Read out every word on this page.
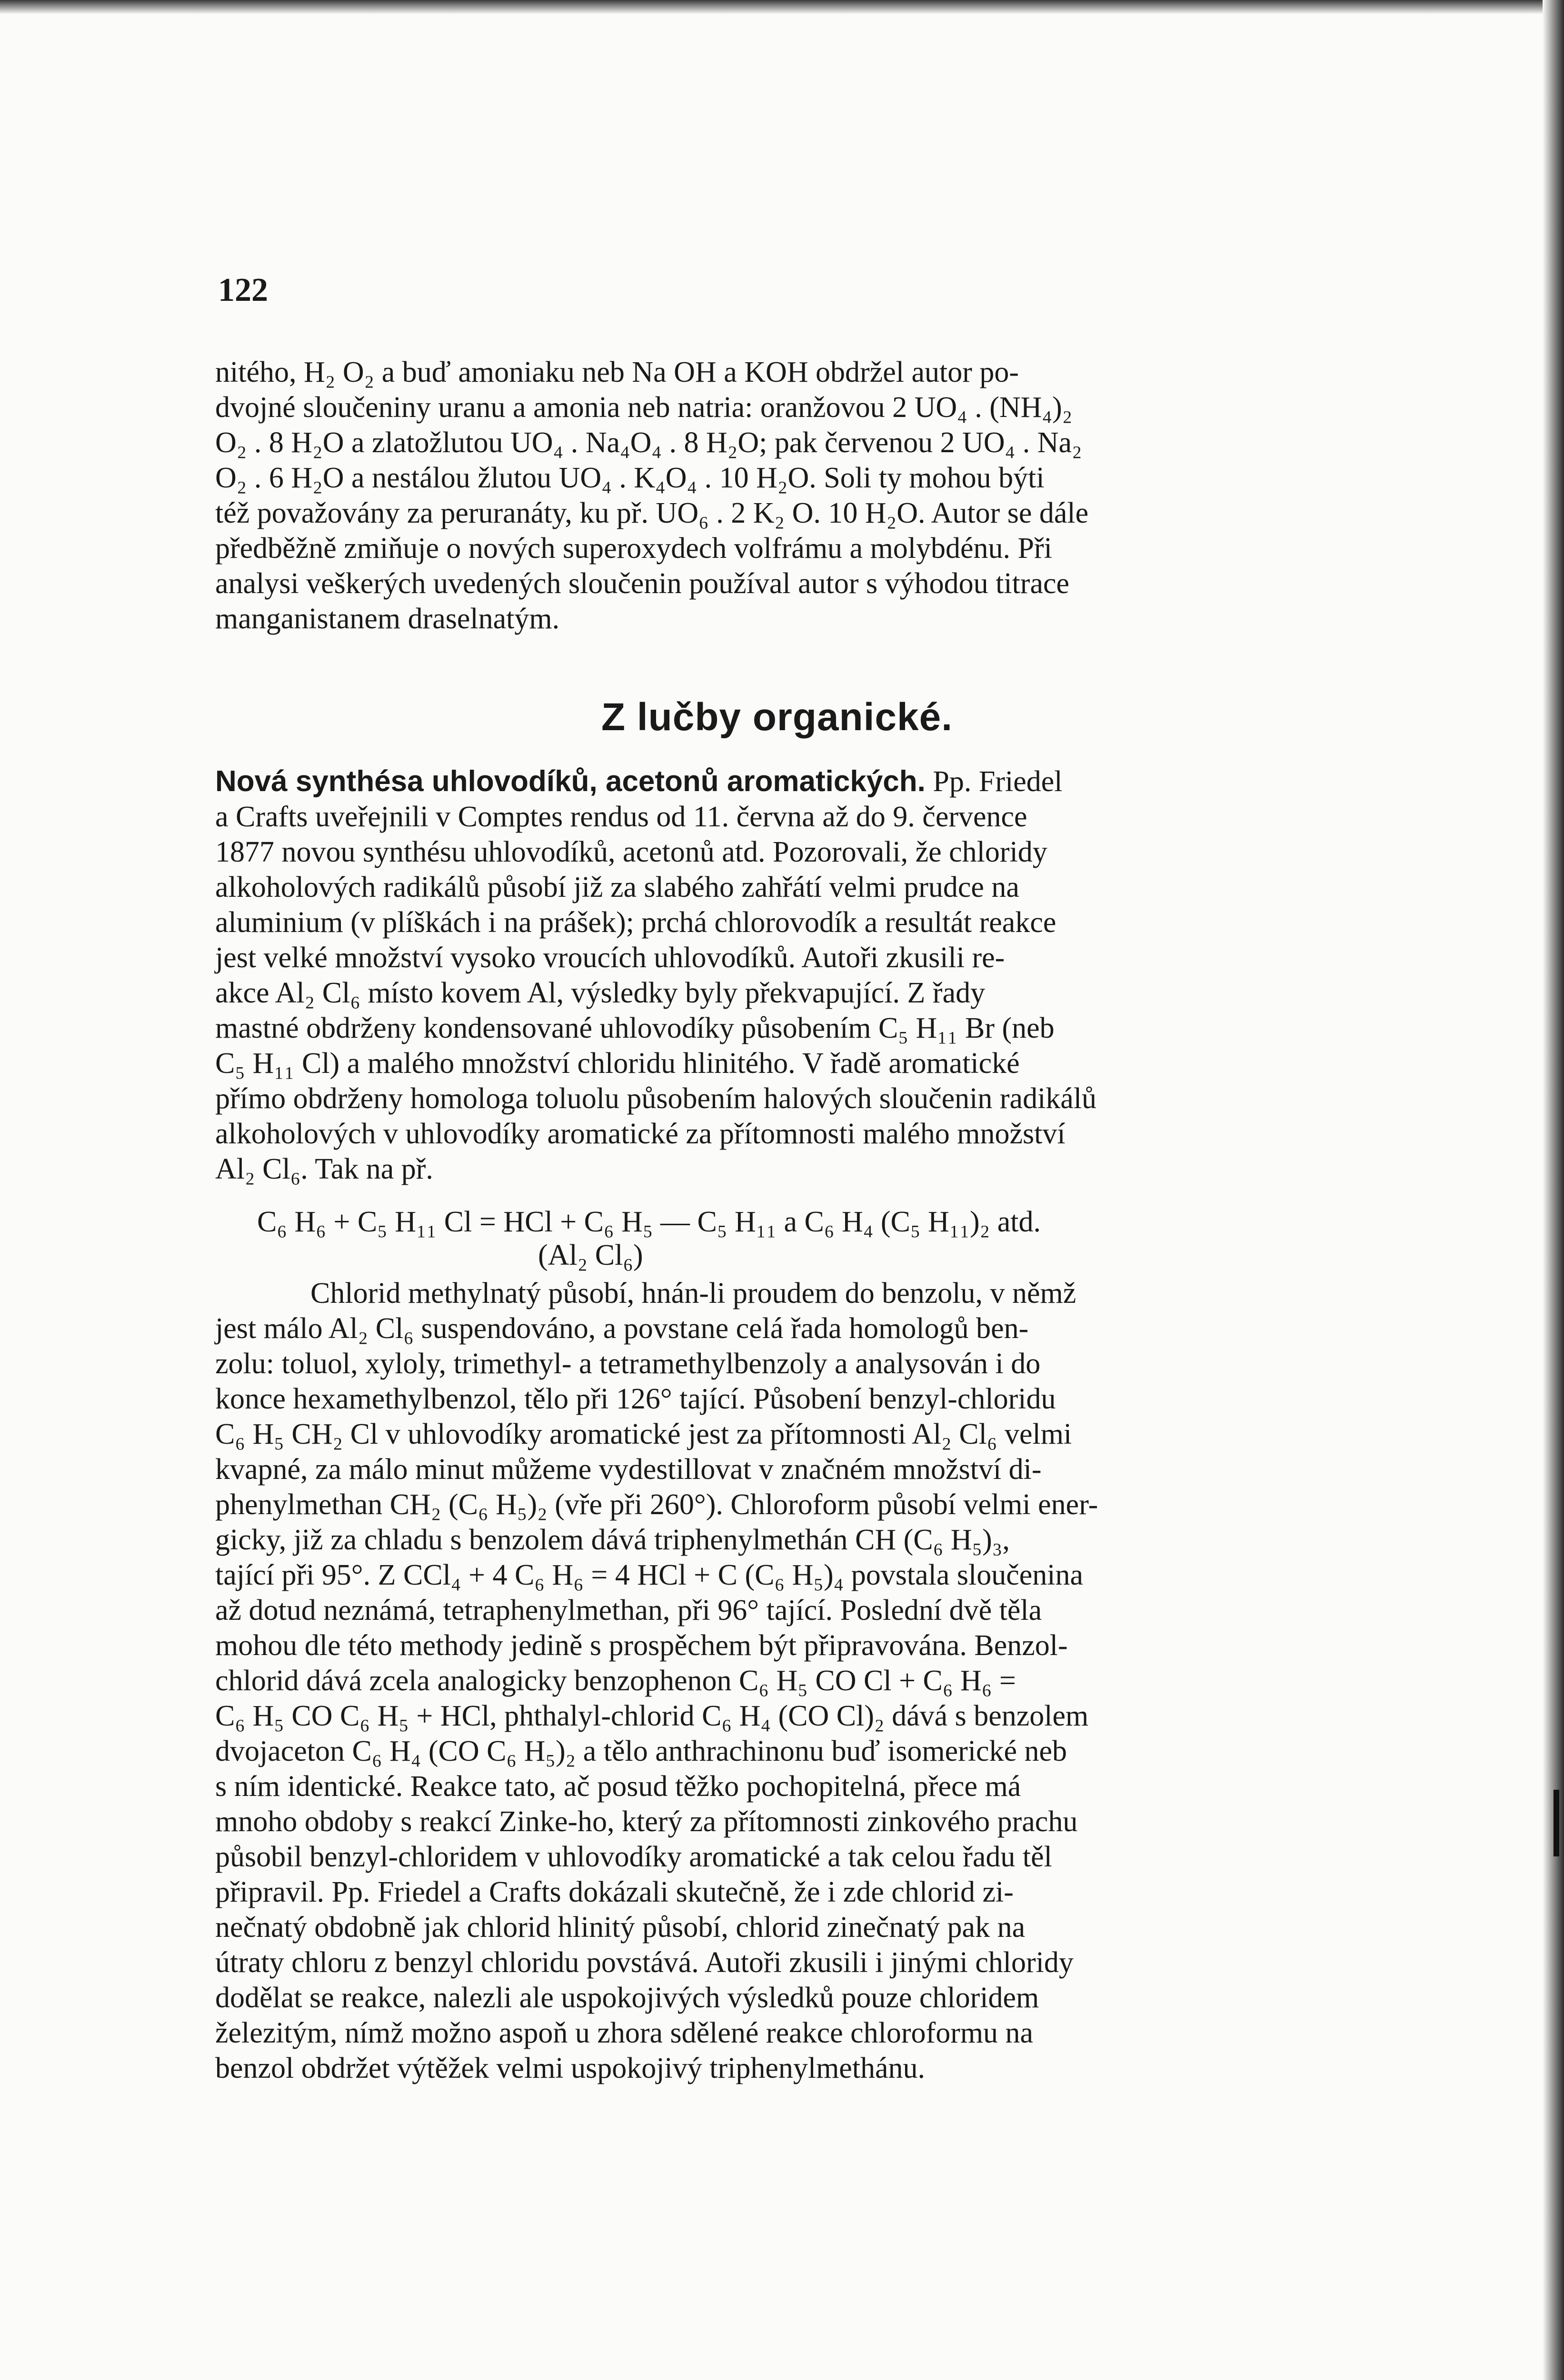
122

nitého, H₂ O₂ a buď amoniaku neb Na OH a KOH obdržel autor po-

dvojné sloučeniny uranu a amonia neb natria: oranžovou 2 UO₄ . (NH₄)₂

O₂ . 8 H₂O a zlatožlutou UO₄ . Na₄O₄ . 8 H₂O; pak červenou 2 UO₄ . Na₂

O₂ . 6 H₂O a nestálou žlutou UO₄ . K₄O₄ . 10 H₂O. Soli ty mohou býti

též považovány za peruranáty, ku př. UO₆ . 2 K₂ O. 10 H₂O. Autor se dále

předběžně zmiňuje o nových superoxydech volfrámu a molybdénu. Při

analysi veškerých uvedených sloučenin používal autor s výhodou titrace

manganistanem draselnatým.

Z lučby organické.

Nová synthésa uhlovodíků, acetonů aromatických. Pp. Friedel

a Crafts uveřejnili v Comptes rendus od 11. června až do 9. července

1877 novou synthésu uhlovodíků, acetonů atd. Pozorovali, že chloridy

alkoholových radikálů působí již za slabého zahřátí velmi prudce na

aluminium (v plíškách i na prášek); prchá chlorovodík a resultát reakce

jest velké množství vysoko vroucích uhlovodíků. Autoři zkusili re-

akce Al₂ Cl₆ místo kovem Al, výsledky byly překvapující. Z řady

mastné obdrženy kondensované uhlovodíky působením C₅ H₁₁ Br (neb

C₅ H₁₁ Cl) a malého množství chloridu hlinitého. V řadě aromatické

přímo obdrženy homologa toluolu působením halových sloučenin radikálů

alkoholových v uhlovodíky aromatické za přítomnosti malého množství

Al₂ Cl₆. Tak na př.

C₆ H₆ + C₅ H₁₁ Cl = HCl + C₆ H₅ — C₅ H₁₁ a C₆ H₄ (C₅ H₁₁)₂ atd.
(Al₂ Cl₆)

Chlorid methylnatý působí, hnán-li proudem do benzolu, v němž

jest málo Al₂ Cl₆ suspendováno, a povstane celá řada homologů ben-

zolu: toluol, xyloly, trimethyl- a tetramethylbenzoly a analysován i do

konce hexamethylbenzol, tělo při 126° tající. Působení benzyl-chloridu

C₆ H₅ CH₂ Cl v uhlovodíky aromatické jest za přítomnosti Al₂ Cl₆ velmi

kvapné, za málo minut můžeme vydestillovat v značném množství di-

phenylmethan CH₂ (C₆ H₅)₂ (vře při 260°). Chloroform působí velmi ener-

gicky, již za chladu s benzolem dává triphenylmethán CH (C₆ H₅)₃,

tající při 95°. Z CCl₄ + 4 C₆ H₆ = 4 HCl + C (C₆ H₅)₄ povstala sloučenina

až dotud neznámá, tetraphenylmethan, při 96° tající. Poslední dvě těla

mohou dle této methody jedině s prospěchem být připravována. Benzol-

chlorid dává zcela analogicky benzophenon C₆ H₅ CO Cl + C₆ H₆ =

C₆ H₅ CO C₆ H₅ + HCl, phthalyl-chlorid C₆ H₄ (CO Cl)₂ dává s benzolem

dvojaceton C₆ H₄ (CO C₆ H₅)₂ a tělo anthrachinonu buď isomerické neb

s ním identické. Reakce tato, ač posud těžko pochopitelná, přece má

mnoho obdoby s reakcí Zinke-ho, který za přítomnosti zinkového prachu

působil benzyl-chloridem v uhlovodíky aromatické a tak celou řadu těl

připravil. Pp. Friedel a Crafts dokázali skutečně, že i zde chlorid zi-

nečnatý obdobně jak chlorid hlinitý působí, chlorid zinečnatý pak na

útraty chloru z benzyl chloridu povstává. Autoři zkusili i jinými chloridy

dodělat se reakce, nalezli ale uspokojivých výsledků pouze chloridem

železitým, nímž možno aspoň u zhora sdělené reakce chloroformu na

benzol obdržet výtěžek velmi uspokojivý triphenylmethánu.
